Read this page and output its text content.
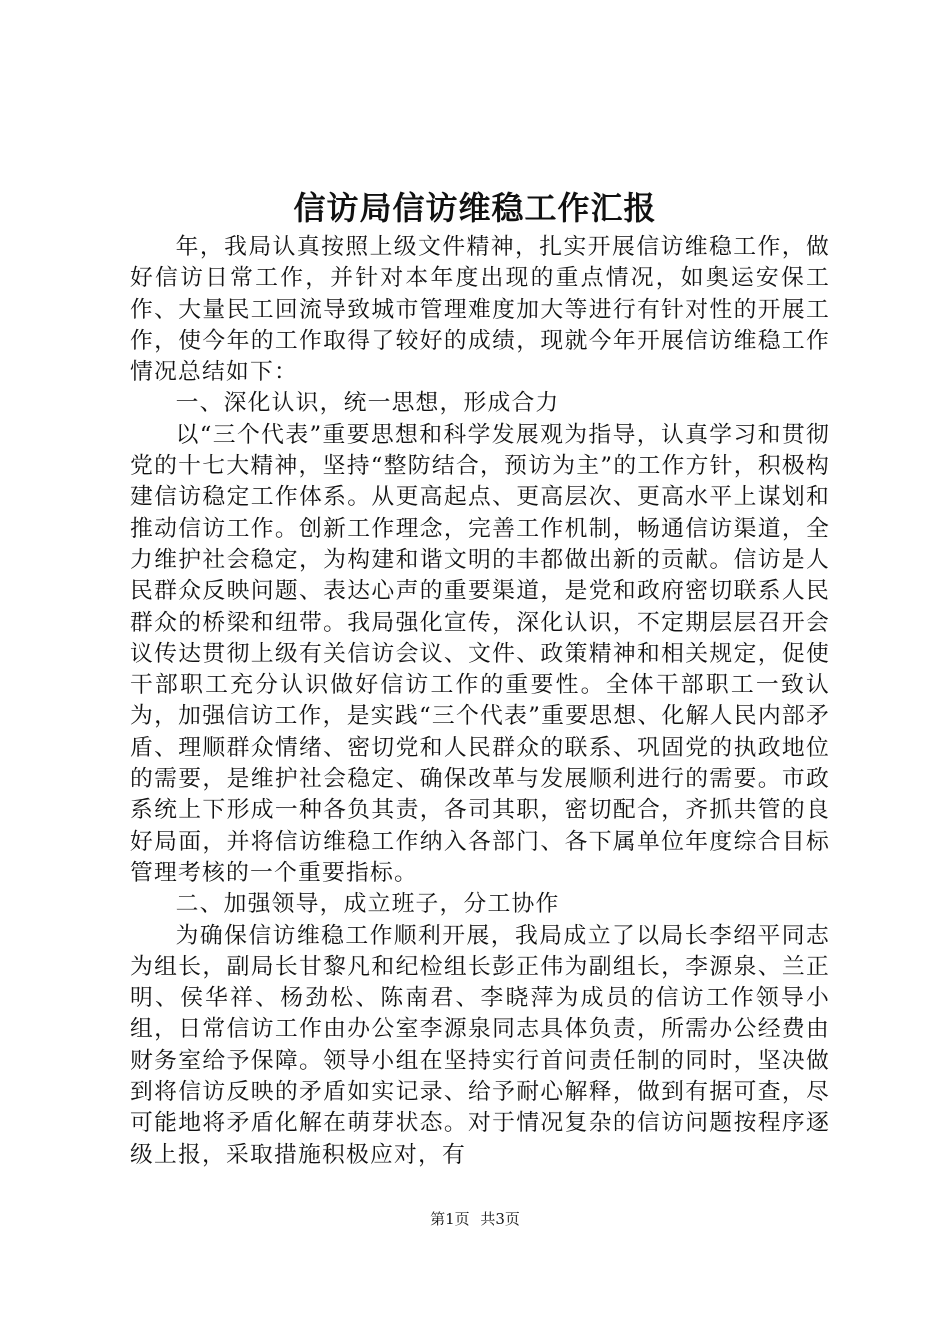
信访局信访维稳工作汇报

年，我局认真按照上级文件精神，扎实开展信访维稳工作，做好信访日常工作，并针对本年度出现的重点情况，如奥运安保工作、大量民工回流导致城市管理难度加大等进行有针对性的开展工作，使今年的工作取得了较好的成绩，现就今年开展信访维稳工作情况总结如下：

一、深化认识，统一思想，形成合力

以“三个代表”重要思想和科学发展观为指导，认真学习和贯彻党的十七大精神，坚持“整防结合，预访为主”的工作方针，积极构建信访稳定工作体系。从更高起点、更高层次、更高水平上谋划和推动信访工作。创新工作理念，完善工作机制，畅通信访渠道，全力维护社会稳定，为构建和谐文明的丰都做出新的贡献。信访是人民群众反映问题、表达心声的重要渠道，是党和政府密切联系人民群众的桥梁和纽带。我局强化宣传，深化认识，不定期层层召开会议传达贯彻上级有关信访会议、文件、政策精神和相关规定，促使干部职工充分认识做好信访工作的重要性。全体干部职工一致认为，加强信访工作，是实践“三个代表”重要思想、化解人民内部矛盾、理顺群众情绪、密切党和人民群众的联系、巩固党的执政地位的需要，是维护社会稳定、确保改革与发展顺利进行的需要。市政系统上下形成一种各负其责，各司其职，密切配合，齐抓共管的良好局面，并将信访维稳工作纳入各部门、各下属单位年度综合目标管理考核的一个重要指标。

二、加强领导，成立班子，分工协作

为确保信访维稳工作顺利开展，我局成立了以局长李绍平同志为组长，副局长甘黎凡和纪检组长彭正伟为副组长，李源泉、兰正明、侯华祥、杨劲松、陈南君、李晓萍为成员的信访工作领导小组，日常信访工作由办公室李源泉同志具体负责，所需办公经费由财务室给予保障。领导小组在坚持实行首问责任制的同时，坚决做到将信访反映的矛盾如实记录、给予耐心解释，做到有据可查，尽可能地将矛盾化解在萌芽状态。对于情况复杂的信访问题按程序逐级上报，采取措施积极应对，有

第1页 共3页
